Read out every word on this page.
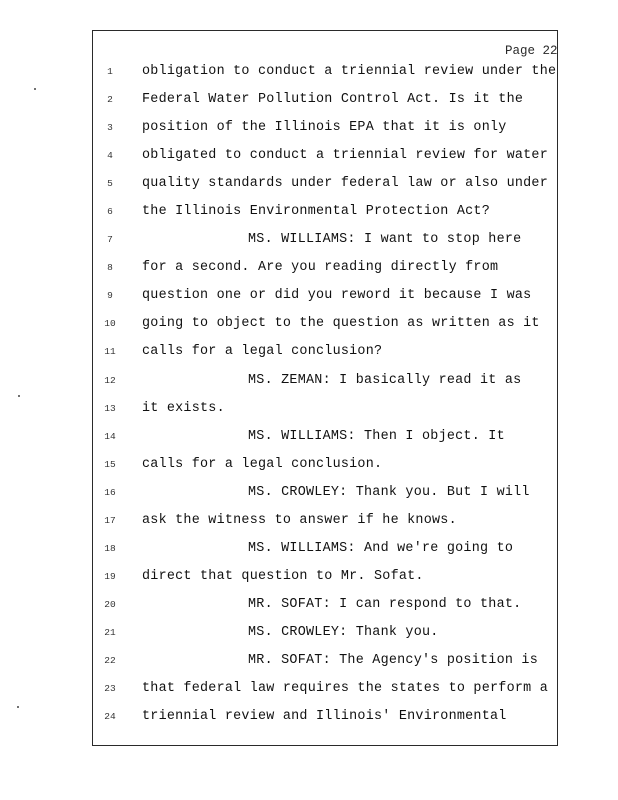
Page 22
1	obligation to conduct a triennial review under the
2	Federal Water Pollution Control Act. Is it the
3	position of the Illinois EPA that it is only
4	obligated to conduct a triennial review for water
5	quality standards under federal law or also under
6	the Illinois Environmental Protection Act?
7	MS. WILLIAMS: I want to stop here
8	for a second. Are you reading directly from
9	question one or did you reword it because I was
10	going to object to the question as written as it
11	calls for a legal conclusion?
12	MS. ZEMAN: I basically read it as
13	it exists.
14	MS. WILLIAMS: Then I object. It
15	calls for a legal conclusion.
16	MS. CROWLEY: Thank you. But I will
17	ask the witness to answer if he knows.
18	MS. WILLIAMS: And we're going to
19	direct that question to Mr. Sofat.
20	MR. SOFAT: I can respond to that.
21	MS. CROWLEY: Thank you.
22	MR. SOFAT: The Agency's position is
23	that federal law requires the states to perform a
24	triennial review and Illinois' Environmental
